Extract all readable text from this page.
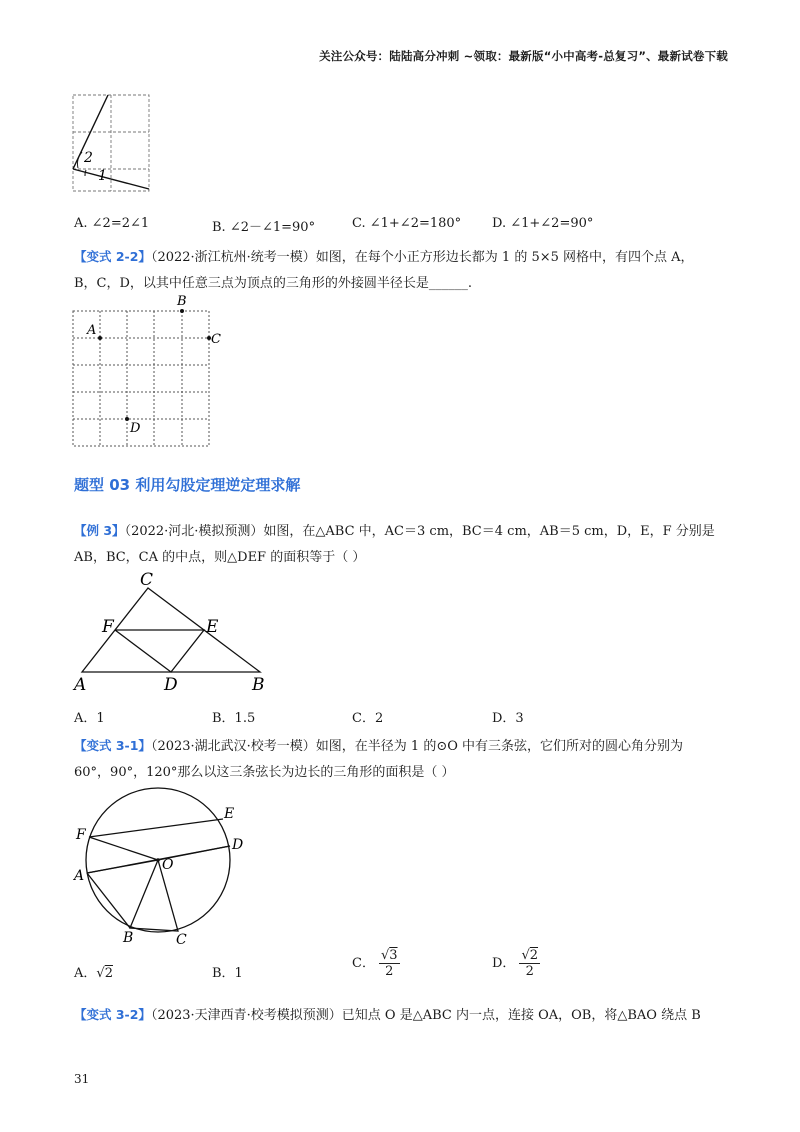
关注公众号：陆陆高分冲刺 ~领取：最新版“小中高考-总复习”、最新试卷下载
2
1
A. ∠2=2∠1	B. ∠2－∠1=90°	C. ∠1+∠2=180° D. ∠1+∠2=90°
【变式 2-2】（2022·浙江杭州·统考一模）如图，在每个小正方形边长都为 1 的 5×5 网格中，有四个点 A，
B，C，D，以其中任意三点为顶点的三角形的外接圆半径长是______.
A
B
C
D
题型 03 利用勾股定理逆定理求解
【例 3】（2022·河北·模拟预测）如图，在△ABC 中，AC＝3 cm，BC＝4 cm，AB＝5 cm，D，E，F 分别是
AB，BC，CA 的中点，则△DEF 的面积等于（ ）
C
F	E
A	D	B
A．1	B．1.5	C．2	D．3
【变式 3-1】（2023·湖北武汉·校考一模）如图，在半径为 1 的⊙O 中有三条弦，它们所对的圆心角分别为
60°，90°，120°那么以这三条弦长为边长的三角形的面积是（ ）
E
F
D
O
A
B	C
A．√2	B．1
C． $\frac{√3}{2}$	D． $\frac{√2}{2}$
【变式 3-2】（2023·天津西青·校考模拟预测）已知点 O 是△ABC 内一点，连接 OA，OB，将△BAO 绕点 B
31
